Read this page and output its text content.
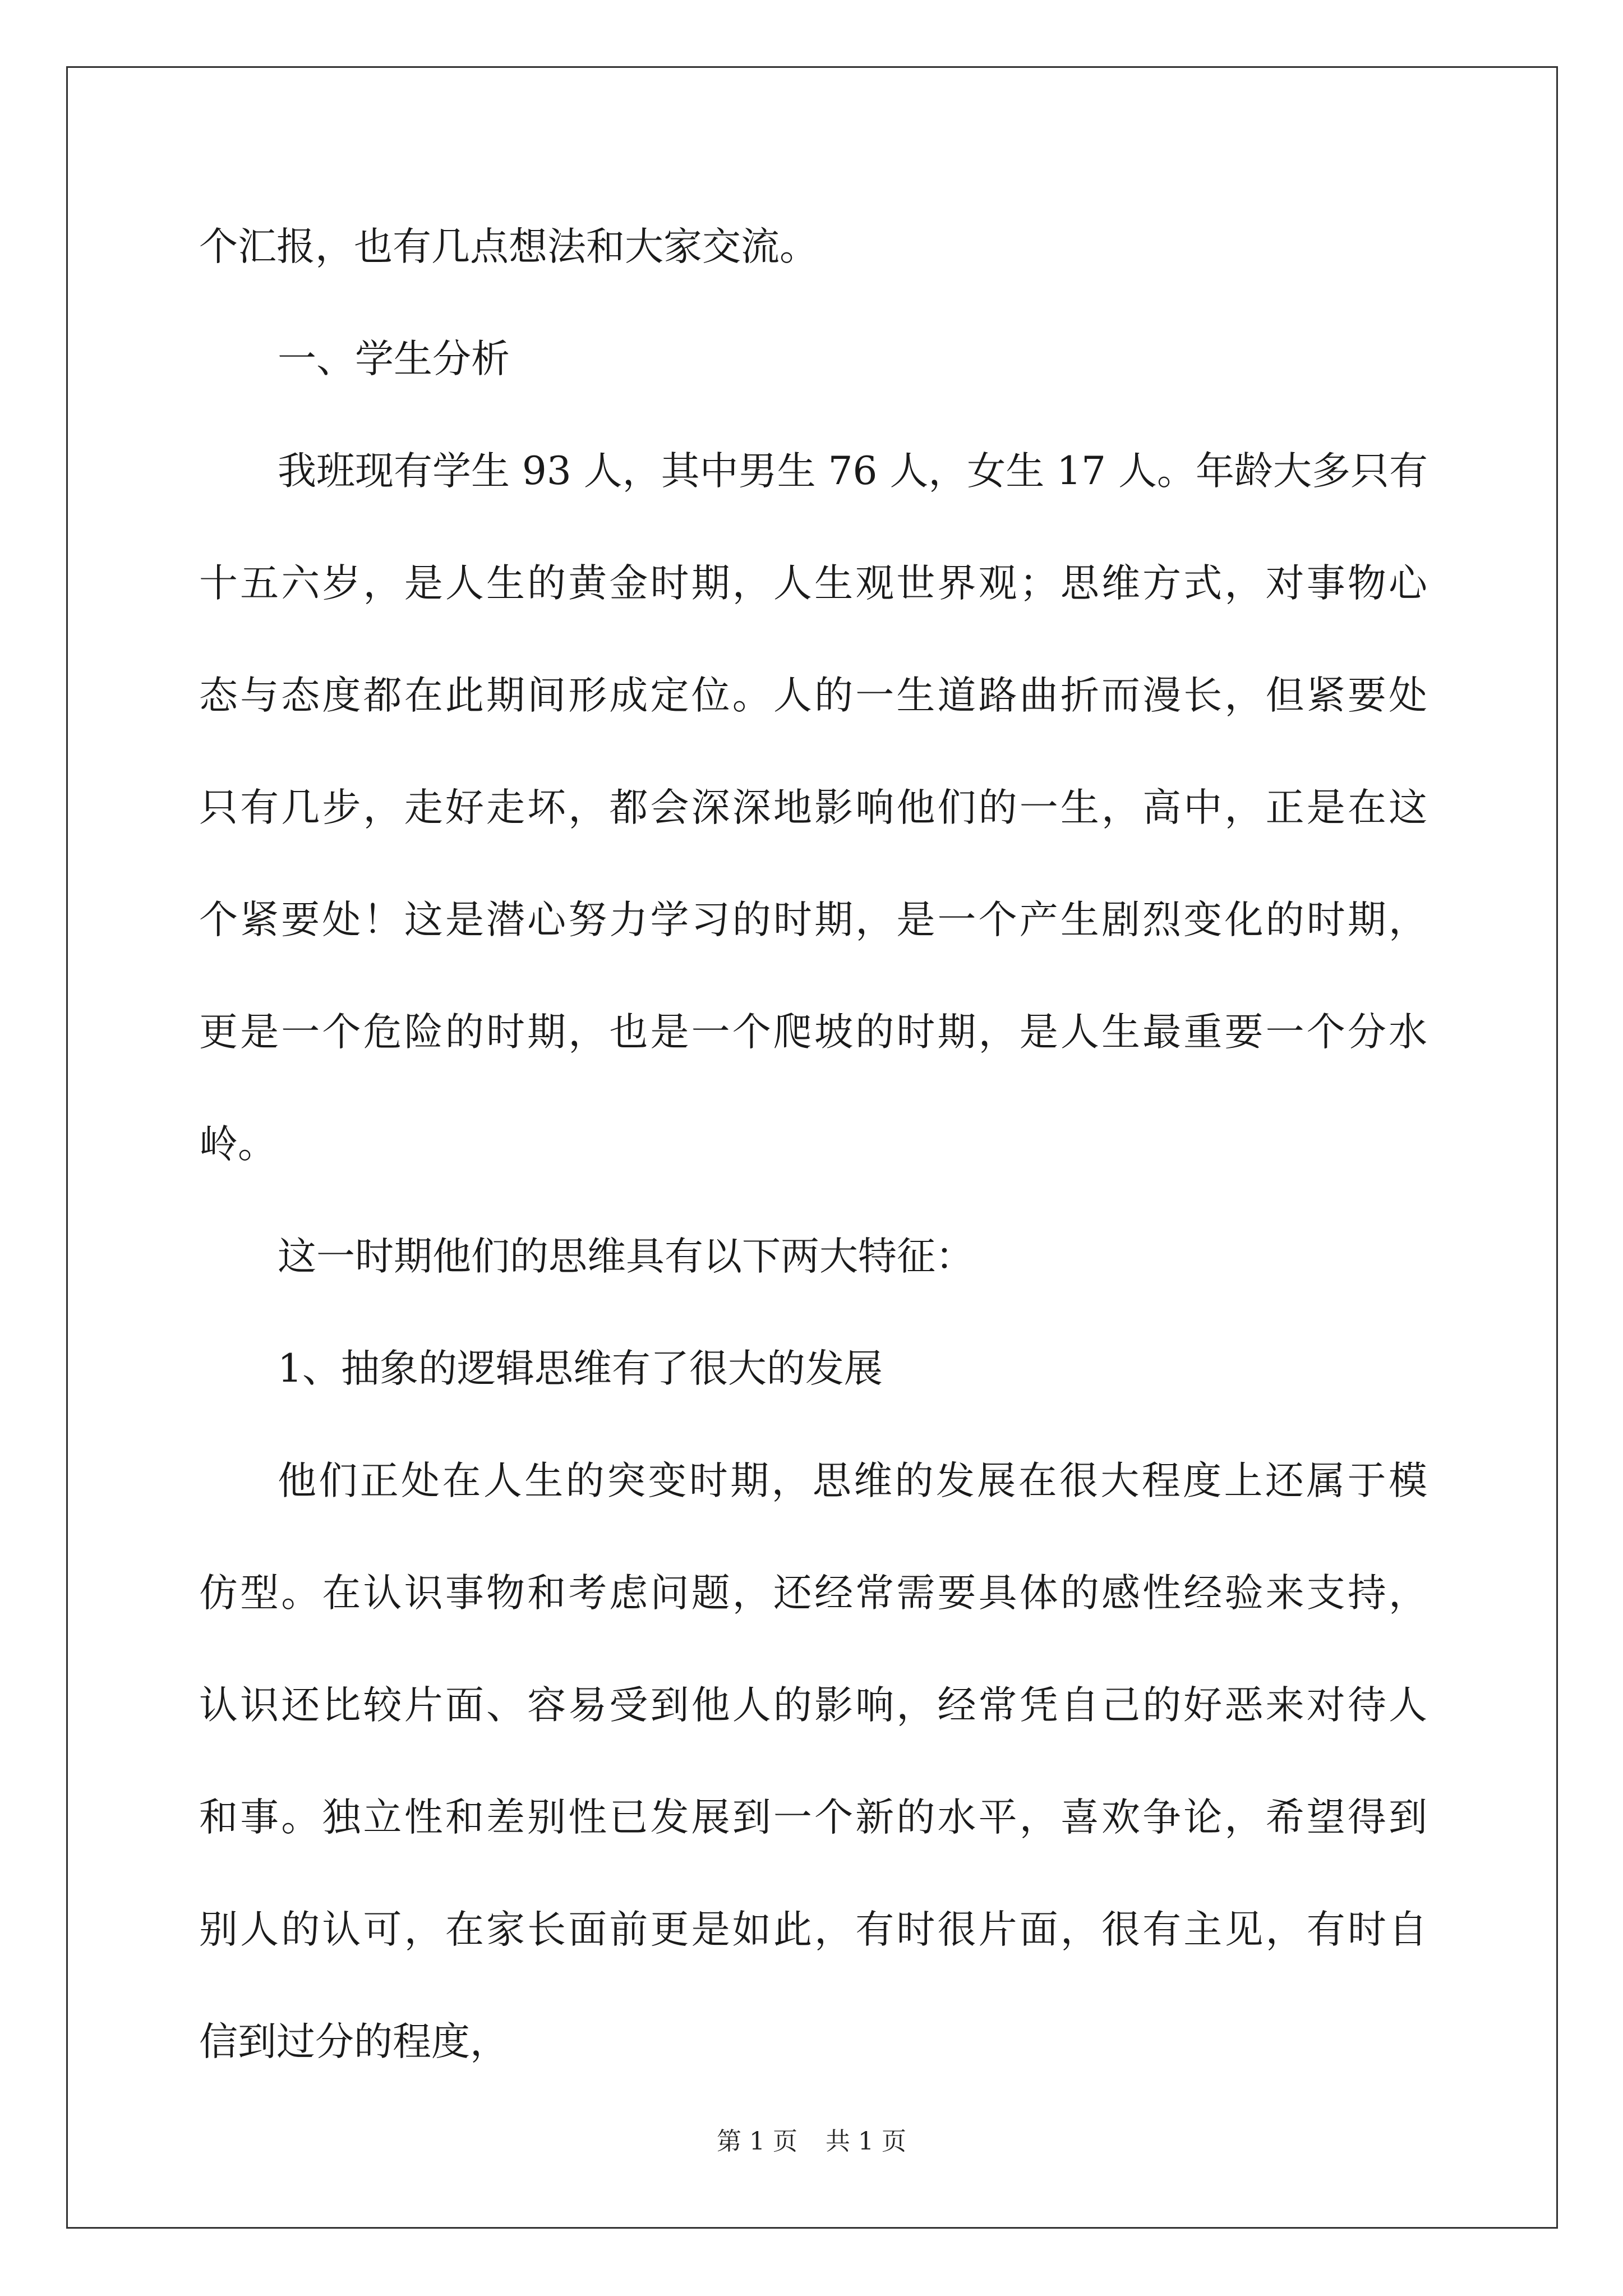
个汇报，也有几点想法和大家交流。
一、学生分析
我班现有学生 93 人，其中男生 76 人，女生 17 人。年龄大多只有
十五六岁，是人生的黄金时期，人生观世界观；思维方式，对事物心
态与态度都在此期间形成定位。人的一生道路曲折而漫长，但紧要处
只有几步，走好走坏，都会深深地影响他们的一生，高中，正是在这
个紧要处！这是潜心努力学习的时期，是一个产生剧烈变化的时期，
更是一个危险的时期，也是一个爬坡的时期，是人生最重要一个分水
岭。
这一时期他们的思维具有以下两大特征：
1、抽象的逻辑思维有了很大的发展
他们正处在人生的突变时期，思维的发展在很大程度上还属于模
仿型。在认识事物和考虑问题，还经常需要具体的感性经验来支持，
认识还比较片面、容易受到他人的影响，经常凭自己的好恶来对待人
和事。独立性和差别性已发展到一个新的水平，喜欢争论，希望得到
别人的认可，在家长面前更是如此，有时很片面，很有主见，有时自
信到过分的程度，
第 1 页 共 1 页
